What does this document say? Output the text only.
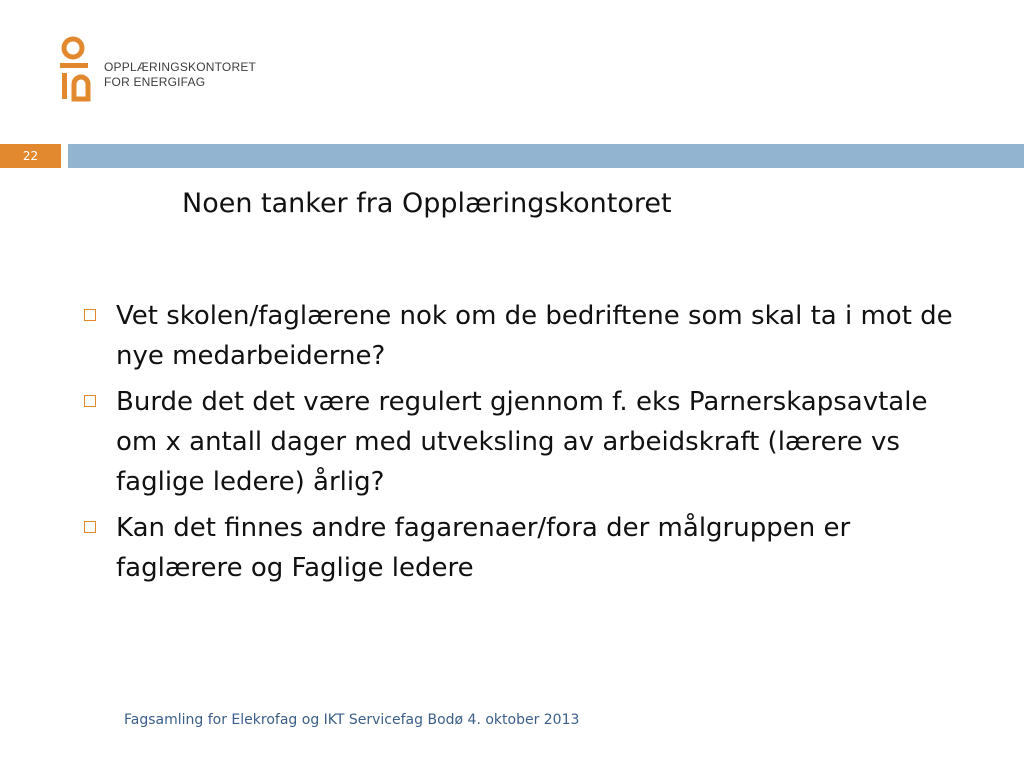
OPPLÆRINGSKONTORET
FOR ENERGIFAG
22
Noen tanker fra Opplæringskontoret
Vet skolen/faglærene nok om de bedriftene som skal ta i mot de nye medarbeiderne?
Burde det det være regulert gjennom f. eks Parnerskapsavtale om x antall dager med utveksling av arbeidskraft (lærere vs faglige ledere) årlig?
Kan det finnes andre fagarenaer/fora der målgruppen er faglærere og Faglige ledere
Fagsamling for Elekrofag og IKT Servicefag Bodø 4. oktober 2013
